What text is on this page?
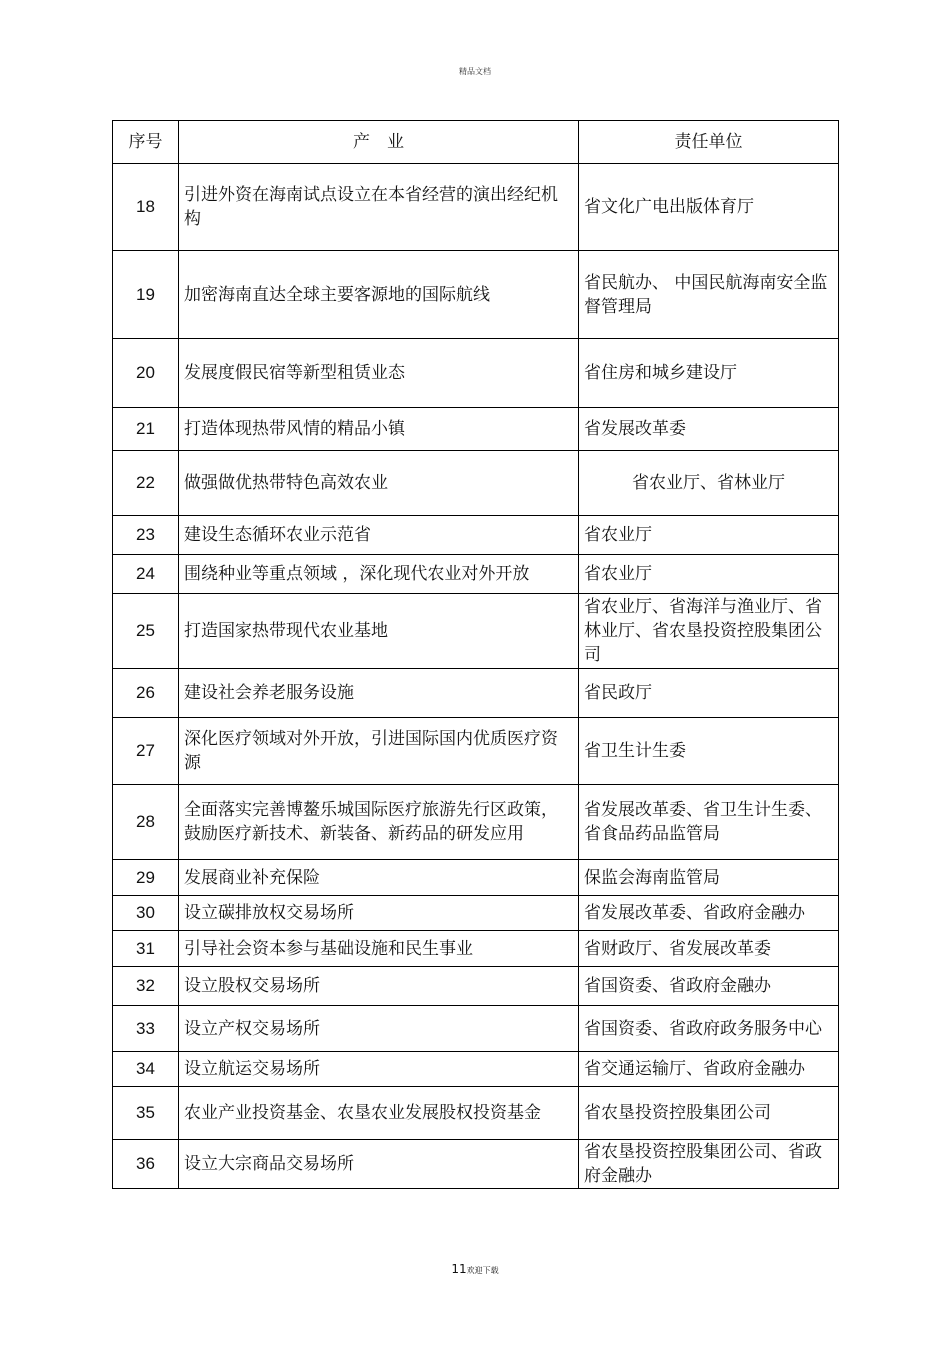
精品文档
序号	产　业	责任单位
18	引进外资在海南试点设立在本省经营的演出经纪机构	省文化广电出版体育厅
19	加密海南直达全球主要客源地的国际航线	省民航办、 中国民航海南安全监督管理局
20	发展度假民宿等新型租赁业态	省住房和城乡建设厅
21	打造体现热带风情的精品小镇	省发展改革委
22	做强做优热带特色高效农业	省农业厅、省林业厅
23	建设生态循环农业示范省	省农业厅
24	围绕种业等重点领域 ，深化现代农业对外开放	省农业厅
25	打造国家热带现代农业基地	省农业厅、省海洋与渔业厅、省林业厅、省农垦投资控股集团公司
26	建设社会养老服务设施	省民政厅
27	深化医疗领域对外开放，引进国际国内优质医疗资源	省卫生计生委
28	全面落实完善博鳌乐城国际医疗旅游先行区政策，鼓励医疗新技术、新装备、新药品的研发应用	省发展改革委、省卫生计生委、省食品药品监管局
29	发展商业补充保险	保监会海南监管局
30	设立碳排放权交易场所	省发展改革委、省政府金融办
31	引导社会资本参与基础设施和民生事业	省财政厅、省发展改革委
32	设立股权交易场所	省国资委、省政府金融办
33	设立产权交易场所	省国资委、省政府政务服务中心
34	设立航运交易场所	省交通运输厅、省政府金融办
35	农业产业投资基金、农垦农业发展股权投资基金	省农垦投资控股集团公司
36	设立大宗商品交易场所	省农垦投资控股集团公司、省政府金融办
11欢迎下载
